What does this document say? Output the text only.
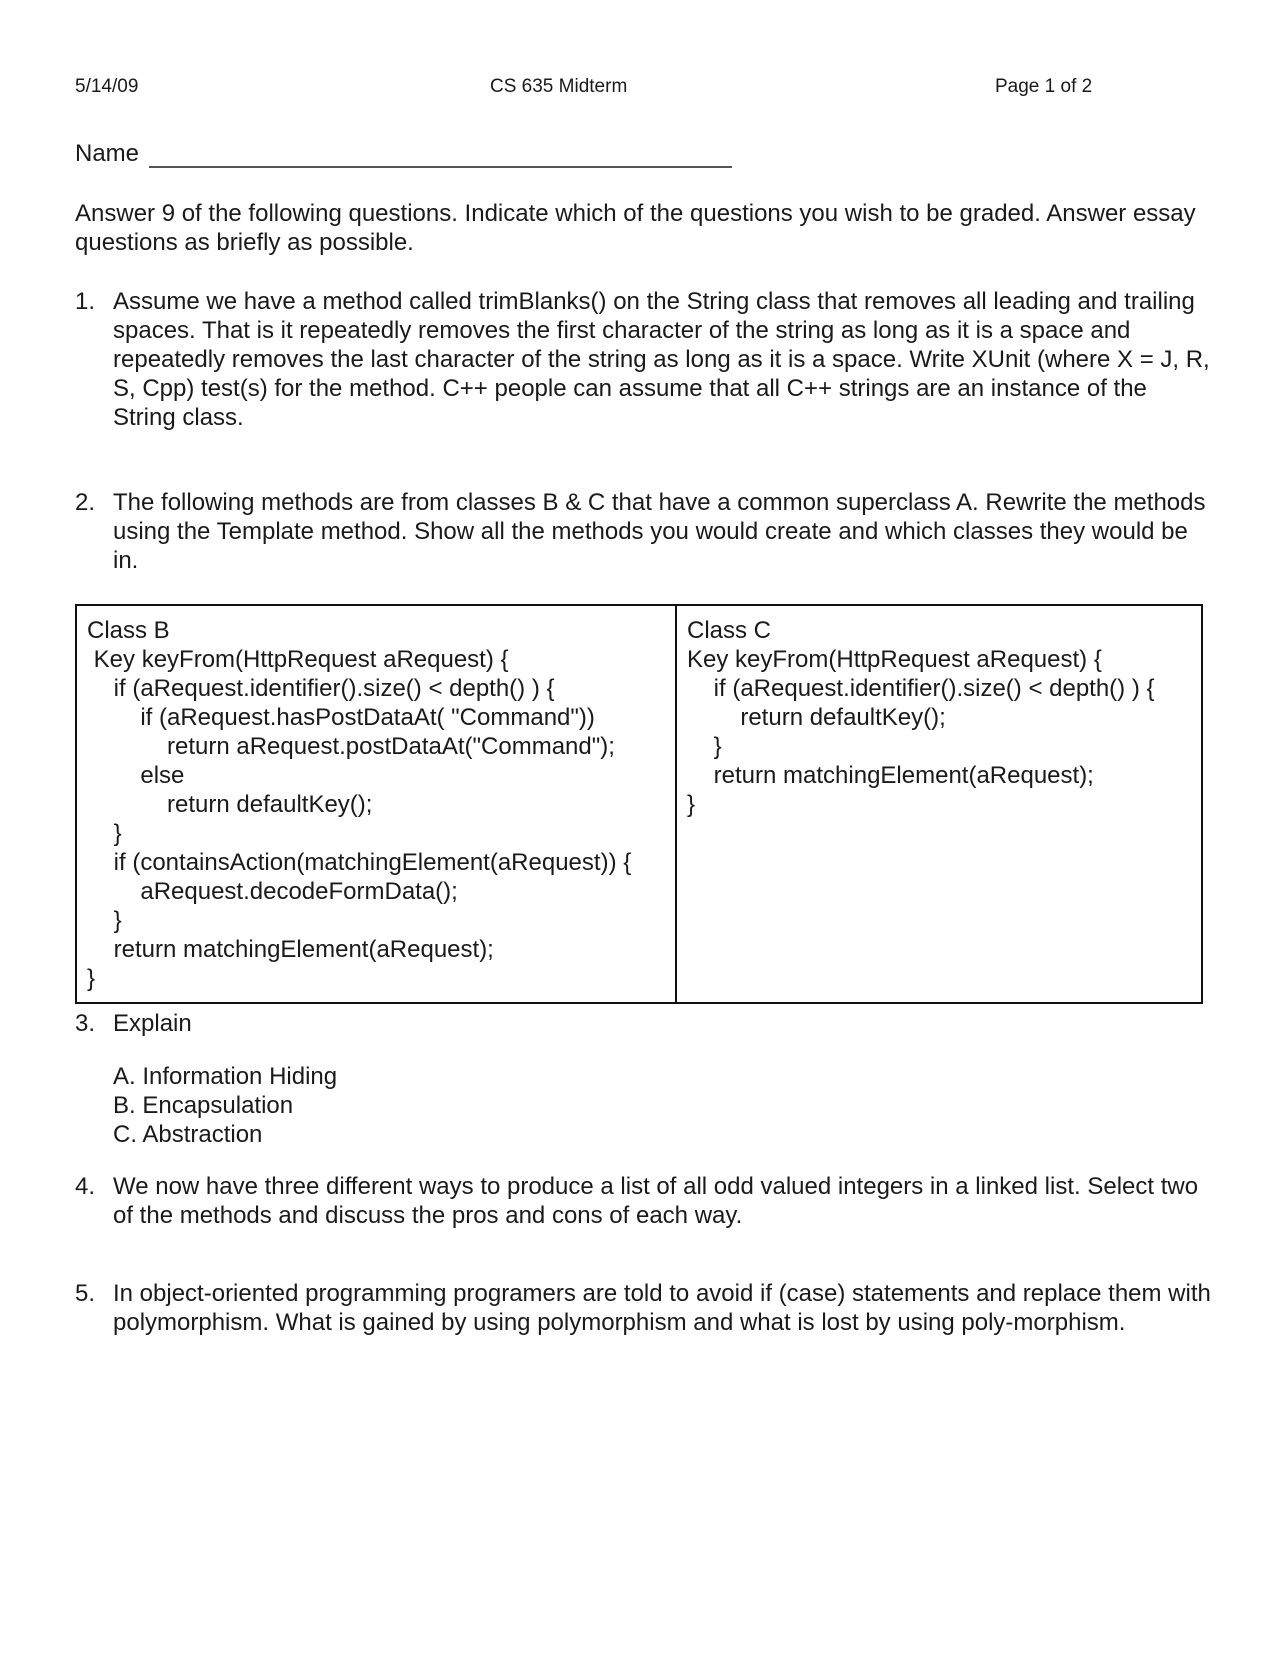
5/14/09	CS 635 Midterm	Page 1 of 2
Name
Answer 9 of the following questions. Indicate which of the questions you wish to be graded. Answer essay questions as briefly as possible.
1. Assume we have a method called trimBlanks() on the String class that removes all leading and trailing spaces. That is it repeatedly removes the first character of the string as long as it is a space and repeatedly removes the last character of the string as long as it is a space. Write XUnit (where X = J, R, S, Cpp) test(s) for the method. C++ people can assume that all C++ strings are an instance of the String class.
2. The following methods are from classes B & C that have a common superclass A. Rewrite the methods using the Template method. Show all the methods you would create and which classes they would be in.
Class B
Key keyFrom(HttpRequest aRequest) {
if (aRequest.identifier().size() < depth() ) {
if (aRequest.hasPostDataAt( "Command"))
return aRequest.postDataAt("Command");
else
return defaultKey();
}
if (containsAction(matchingElement(aRequest)) {
aRequest.decodeFormData();
}
return matchingElement(aRequest);
}
Class C
Key keyFrom(HttpRequest aRequest) {
if (aRequest.identifier().size() < depth() ) {
return defaultKey();
}
return matchingElement(aRequest);
}
3. Explain
A. Information Hiding
B. Encapsulation
C. Abstraction
4. We now have three different ways to produce a list of all odd valued integers in a linked list. Select two of the methods and discuss the pros and cons of each way.
5. In object-oriented programming programers are told to avoid if (case) statements and replace them with polymorphism. What is gained by using polymorphism and what is lost by using poly-morphism.
